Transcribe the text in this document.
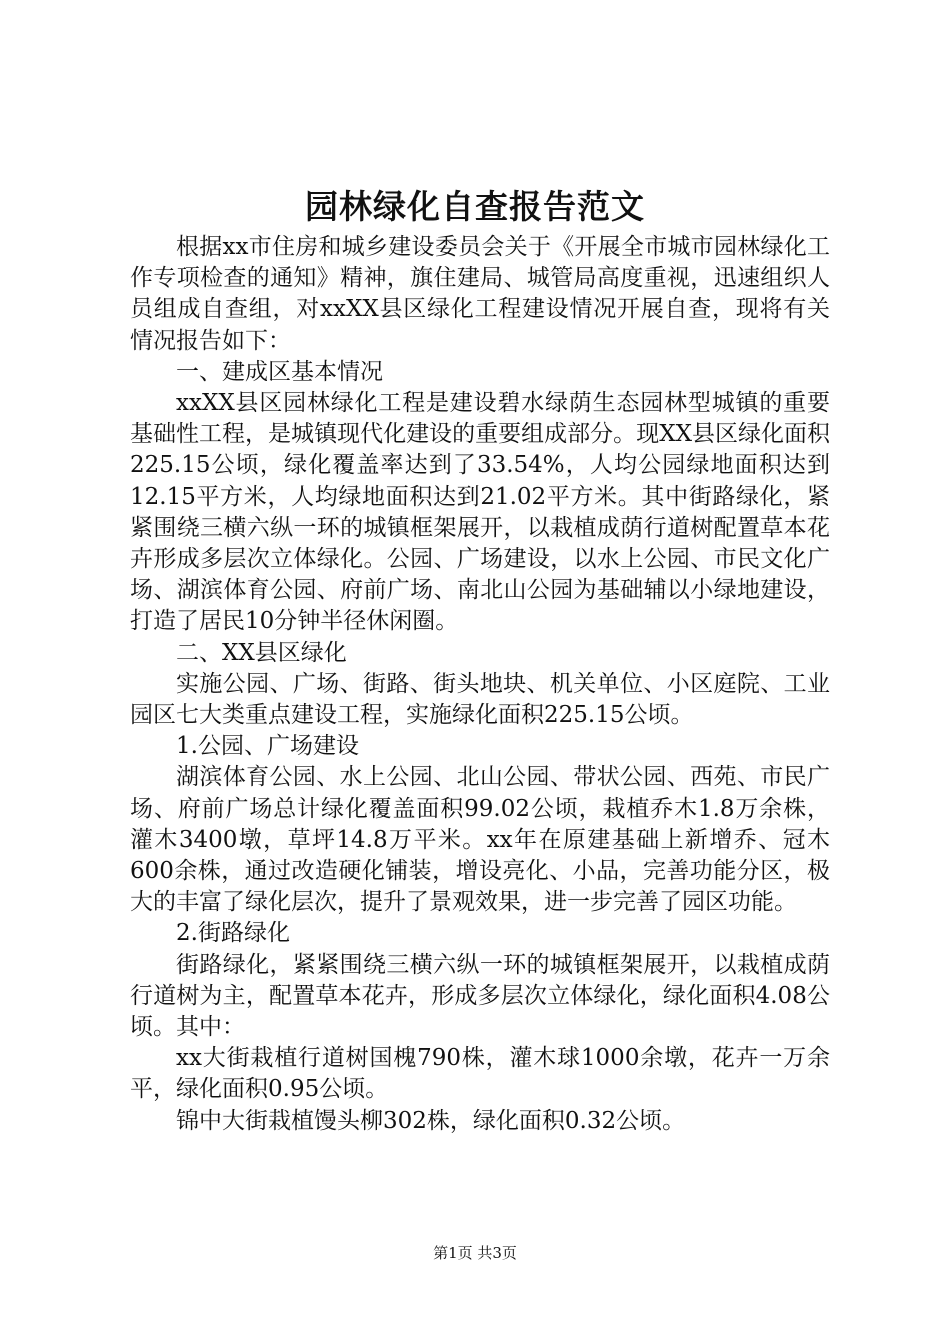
园林绿化自查报告范文

根据xx市住房和城乡建设委员会关于《开展全市城市园林绿化工作专项检查的通知》精神，旗住建局、城管局高度重视，迅速组织人员组成自查组，对xxXX县区绿化工程建设情况开展自查，现将有关情况报告如下：

一、建成区基本情况

xxXX县区园林绿化工程是建设碧水绿荫生态园林型城镇的重要基础性工程，是城镇现代化建设的重要组成部分。现XX县区绿化面积225.15公顷，绿化覆盖率达到了33.54%，人均公园绿地面积达到12.15平方米，人均绿地面积达到21.02平方米。其中街路绿化，紧紧围绕三横六纵一环的城镇框架展开，以栽植成荫行道树配置草本花卉形成多层次立体绿化。公园、广场建设，以水上公园、市民文化广场、湖滨体育公园、府前广场、南北山公园为基础辅以小绿地建设，打造了居民10分钟半径休闲圈。

二、XX县区绿化

实施公园、广场、街路、街头地块、机关单位、小区庭院、工业园区七大类重点建设工程，实施绿化面积225.15公顷。

1.公园、广场建设

湖滨体育公园、水上公园、北山公园、带状公园、西苑、市民广场、府前广场总计绿化覆盖面积99.02公顷，栽植乔木1.8万余株，灌木3400墩，草坪14.8万平米。xx年在原建基础上新增乔、冠木600余株，通过改造硬化铺装，增设亮化、小品，完善功能分区，极大的丰富了绿化层次，提升了景观效果，进一步完善了园区功能。

2.街路绿化

街路绿化，紧紧围绕三横六纵一环的城镇框架展开，以栽植成荫行道树为主，配置草本花卉，形成多层次立体绿化，绿化面积4.08公顷。其中：

xx大街栽植行道树国槐790株，灌木球1000余墩，花卉一万余平，绿化面积0.95公顷。

锦中大街栽植馒头柳302株，绿化面积0.32公顷。

第1页 共3页
